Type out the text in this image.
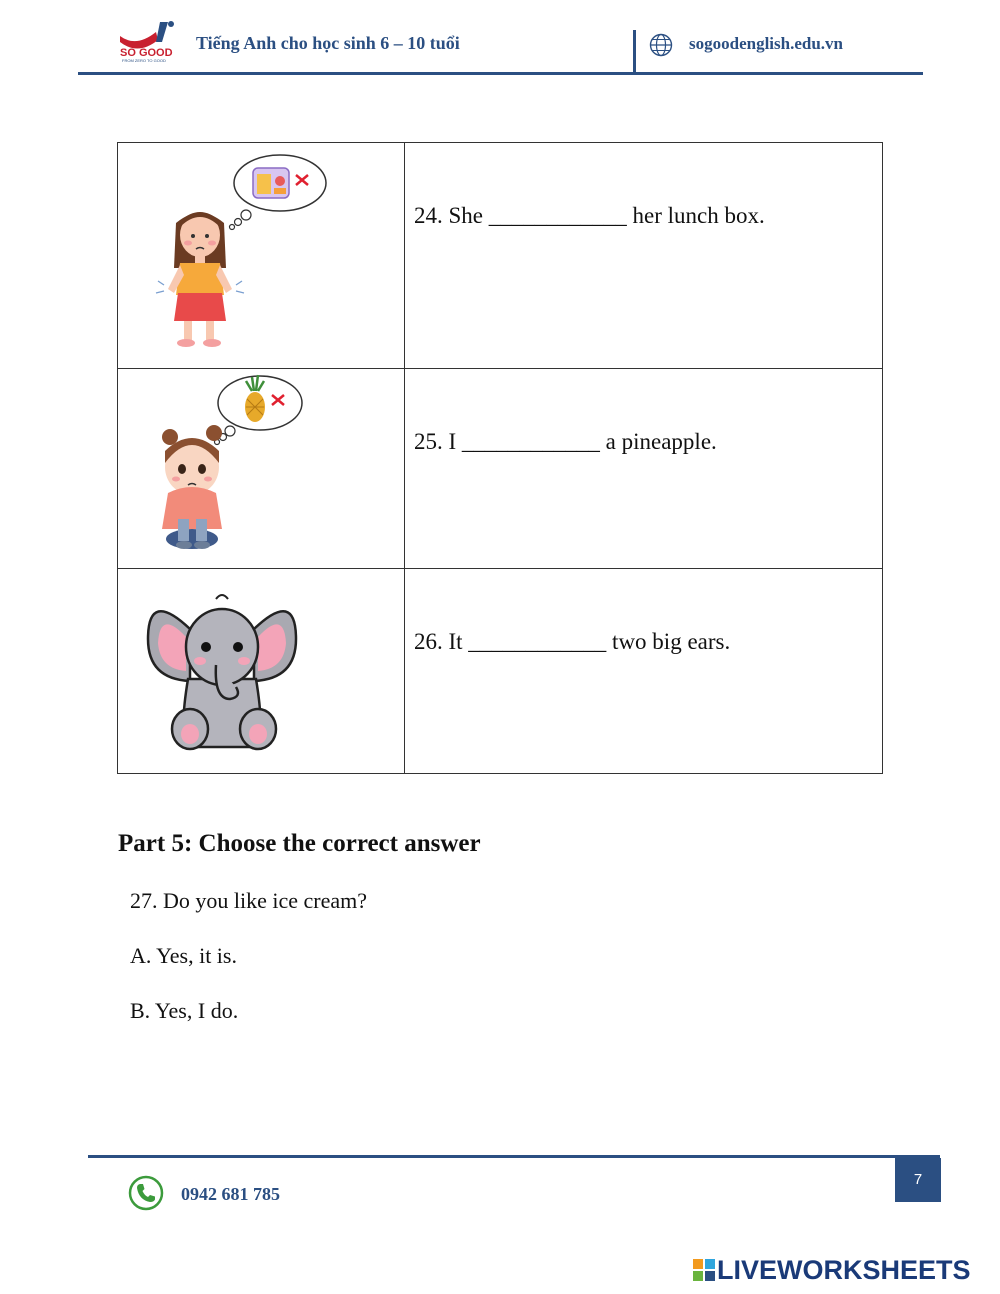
SO GOOD
FROM ZERO TO GOOD
Tiếng Anh cho học sinh 6 – 10 tuổi	sogoodenglish.edu.vn

24. She ____________ her lunch box.

25. I ____________ a pineapple.

26. It ____________ two big ears.
Part 5: Choose the correct answer
27. Do you like ice cream?
A. Yes, it is.
B. Yes, I do.
7
0942 681 785
LIVEWORKSHEETS
